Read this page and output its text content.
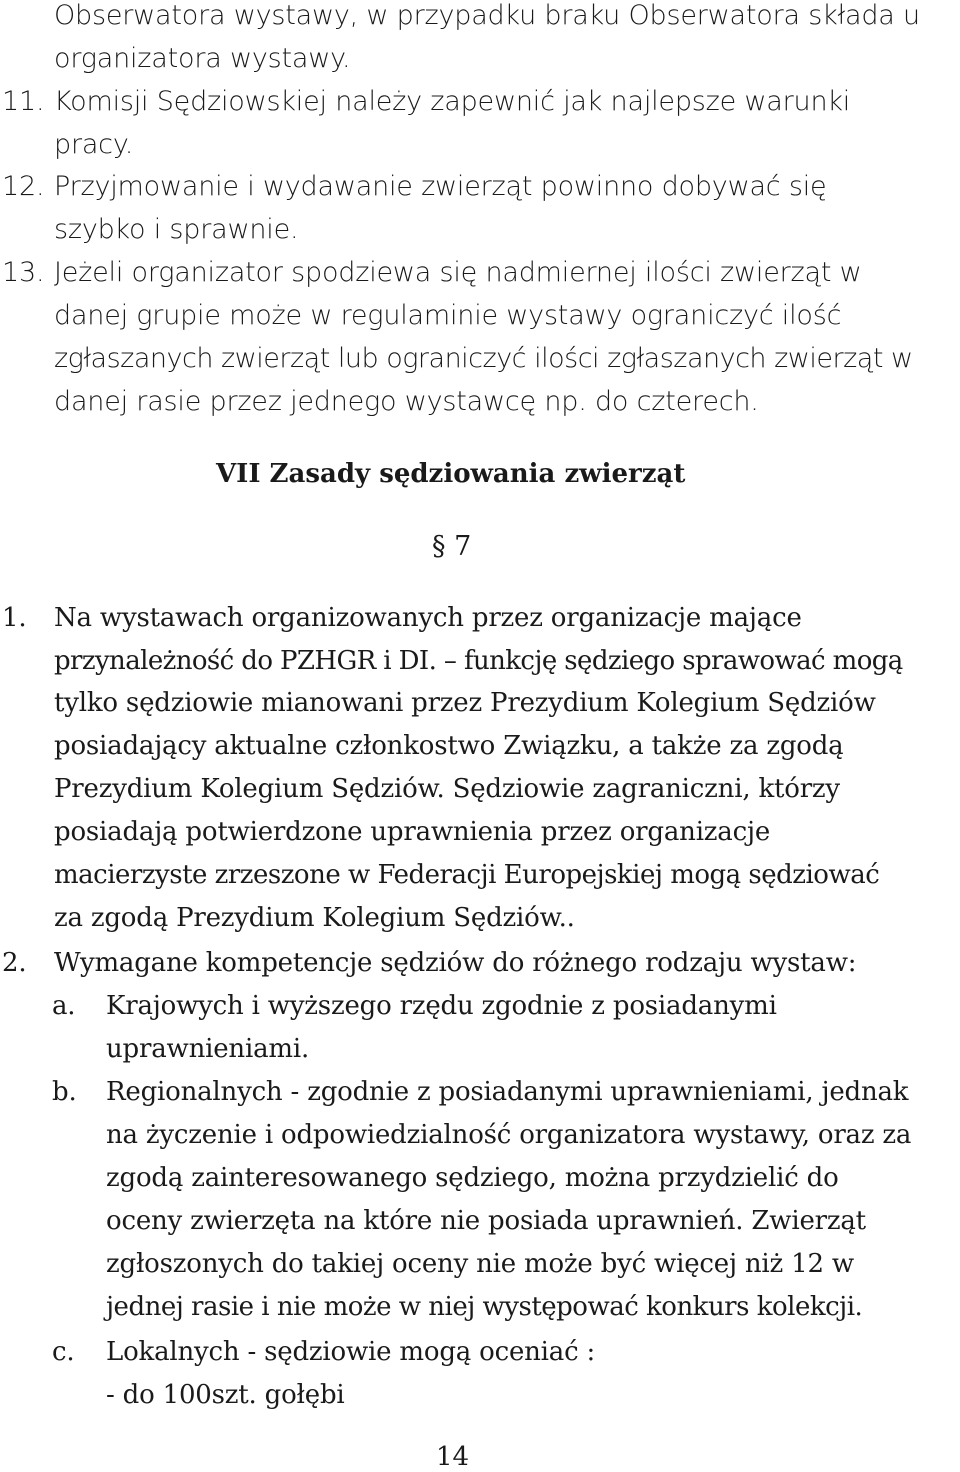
Obserwatora wystawy, w przypadku braku Obserwatora składa u
organizatora wystawy.
11. Komisji Sędziowskiej należy zapewnić jak najlepsze warunki
pracy.
12. Przyjmowanie i wydawanie zwierząt powinno dobywać się
szybko i sprawnie.
13. Jeżeli organizator spodziewa się nadmiernej ilości zwierząt w
danej grupie może w regulaminie wystawy ograniczyć ilość
zgłaszanych zwierząt lub ograniczyć ilości zgłaszanych zwierząt w
danej rasie przez jednego wystawcę np. do czterech.
VII Zasady sędziowania zwierząt
§ 7
1. Na wystawach organizowanych przez organizacje mające
przynależność do PZHGR i DI. – funkcję sędziego sprawować mogą
tylko sędziowie mianowani przez Prezydium Kolegium Sędziów
posiadający aktualne członkostwo Związku, a także za zgodą
Prezydium Kolegium Sędziów. Sędziowie zagraniczni, którzy
posiadają potwierdzone uprawnienia przez organizacje
macierzyste zrzeszone w Federacji Europejskiej mogą sędziować
za zgodą Prezydium Kolegium Sędziów..
2. Wymagane kompetencje sędziów do różnego rodzaju wystaw:
a. Krajowych i wyższego rzędu zgodnie z posiadanymi
uprawnieniami.
b. Regionalnych - zgodnie z posiadanymi uprawnieniami, jednak
na życzenie i odpowiedzialność organizatora wystawy, oraz za
zgodą zainteresowanego sędziego, można przydzielić do
oceny zwierzęta na które nie posiada uprawnień. Zwierząt
zgłoszonych do takiej oceny nie może być więcej niż 12 w
jednej rasie i nie może w niej występować konkurs kolekcji.
c. Lokalnych - sędziowie mogą oceniać :
- do 100szt. gołębi
14
